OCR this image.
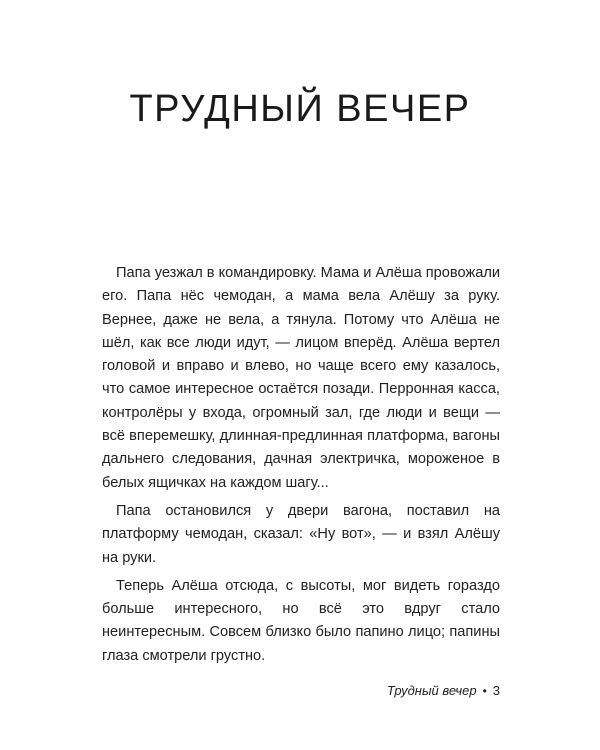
ТРУДНЫЙ ВЕЧЕР

Папа уезжал в командировку. Мама и Алёша провожали его. Папа нёс чемодан, а мама вела Алёшу за руку. Вернее, даже не вела, а тянула. Потому что Алёша не шёл, как все люди идут, — лицом вперёд. Алёша вертел головой и вправо и влево, но чаще всего ему казалось, что самое интересное остаётся позади. Перронная касса, контролёры у входа, огромный зал, где люди и вещи — всё вперемешку, длинная-предлинная платформа, вагоны дальнего следования, дачная электричка, мороженое в белых ящичках на каждом шагу...

Папа остановился у двери вагона, поставил на платформу чемодан, сказал: «Ну вот», — и взял Алёшу на руки.

Теперь Алёша отсюда, с высоты, мог видеть гораздо больше интересного, но всё это вдруг стало неинтересным. Совсем близко было папино лицо; папины глаза смотрели грустно.

Трудный вечер • 3
